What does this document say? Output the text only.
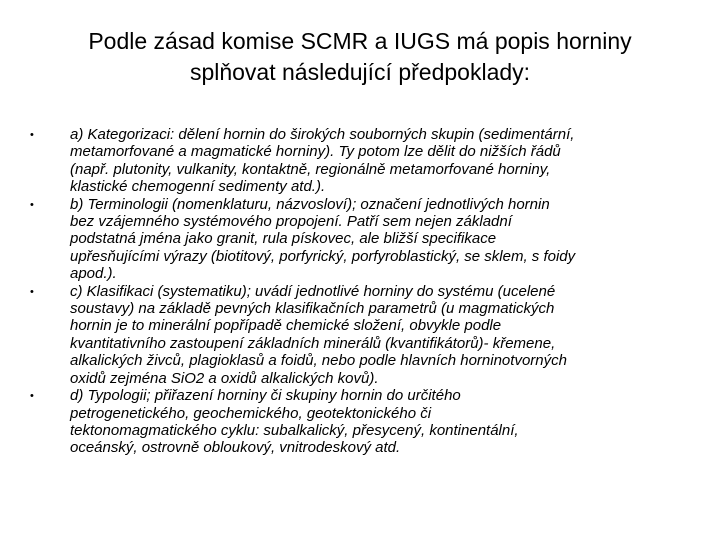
Podle zásad komise SCMR a IUGS má popis horniny
splňovat následující předpoklady:
• a) Kategorizaci: dělení hornin do širokých souborných skupin (sedimentární,
metamorfované a magmatické horniny). Ty potom lze dělit do nižších řádů
(např. plutonity, vulkanity, kontaktně, regionálně metamorfované horniny,
klastické chemogenní sedimenty atd.).
• b) Terminologii (nomenklaturu, názvosloví); označení jednotlivých hornin
bez vzájemného systémového propojení. Patří sem nejen základní
podstatná jména jako granit, rula pískovec, ale bližší specifikace
upřesňujícími výrazy (biotitový, porfyrický, porfyroblastický, se sklem, s foidy
apod.).
• c) Klasifikaci (systematiku); uvádí jednotlivé horniny do systému (ucelené
soustavy) na základě pevných klasifikačních parametrů (u magmatických
hornin je to minerální popřípadě chemické složení, obvykle podle
kvantitativního zastoupení základních minerálů (kvantifikátorů)- křemene,
alkalických živců, plagioklasů a foidů, nebo podle hlavních horninotvorných
oxidů zejména SiO2 a oxidů alkalických kovů).
• d) Typologii; přiřazení horniny či skupiny hornin do určitého
petrogenetického, geochemického, geotektonického či
tektonomagmatického cyklu: subalkalický, přesycený, kontinentální,
oceánský, ostrovně obloukový, vnitrodeskový atd.
